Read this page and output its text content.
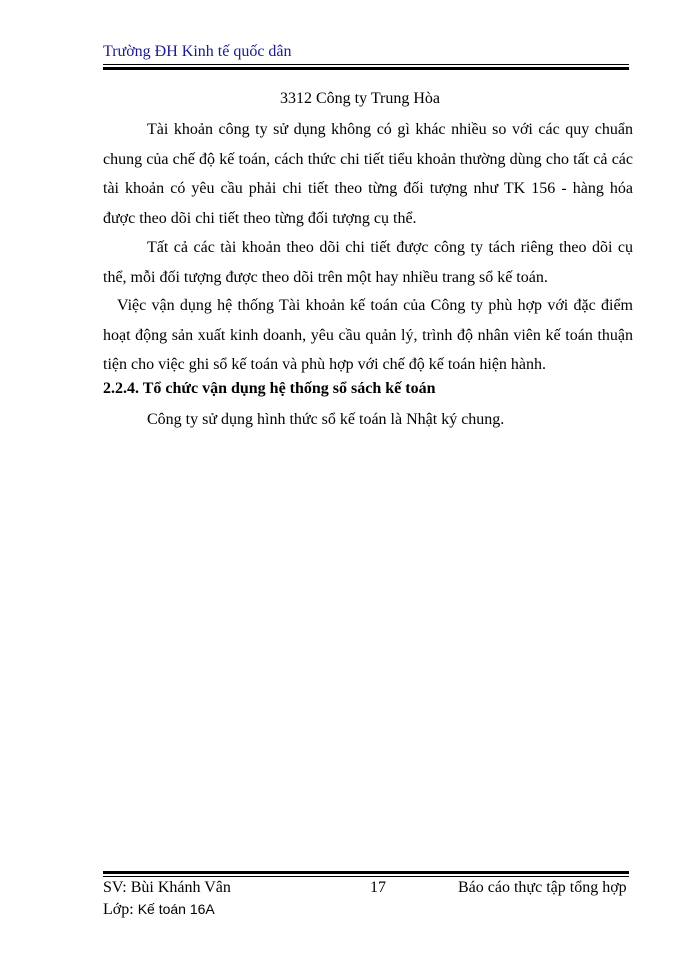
Trường ĐH Kinh tế quốc dân
3312 Công ty Trung Hòa
Tài khoản công ty sử dụng không có gì khác nhiều so với các quy chuẩn
chung của chế độ kế toán, cách thức chi tiết tiểu khoản thường dùng cho tất cả các
tài khoản có yêu cầu phải chi tiết theo từng đối tượng như TK 156 - hàng hóa
được theo dõi chi tiết theo từng đối tượng cụ thể.
Tất cả các tài khoản theo dõi chi tiết được công ty tách riêng theo dõi cụ
thể, mỗi đối tượng được theo dõi trên một hay nhiều trang sổ kế toán.
Việc vận dụng hệ thống Tài khoản kế toán của Công ty phù hợp với đặc điểm
hoạt động sản xuất kinh doanh, yêu cầu quản lý, trình độ nhân viên kế toán thuận
tiện cho việc ghi sổ kế toán và phù hợp với chế độ kế toán hiện hành.
2.2.4. Tổ chức vận dụng hệ thống sổ sách kế toán
Công ty sử dụng hình thức sổ kế toán là Nhật ký chung.
SV: Bùi Khánh Vân	17	Báo cáo thực tập tổng hợp
Lớp: Kế toán 16A
